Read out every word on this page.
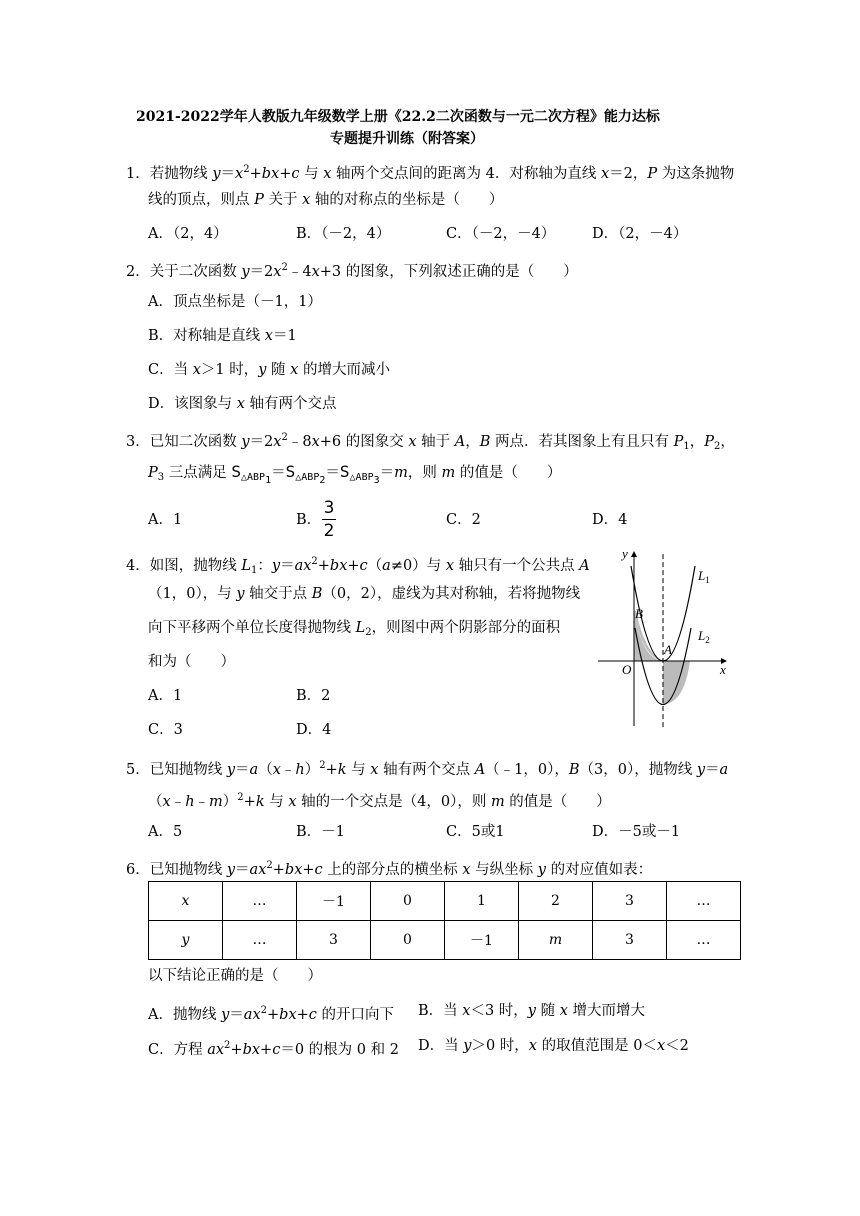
2021-2022学年人教版九年级数学上册《22.2二次函数与一元二次方程》能力达标
专题提升训练（附答案）
1．若抛物线 $y=x^2+bx+c$ 与 x 轴两个交点间的距离为 4．对称轴为直线 x＝2，P 为这条抛物
线的顶点，则点 P 关于 x 轴的对称点的坐标是（　　）
A．（2，4）	B．（－2，4）	C．（－2，－4）	D．（2，－4）
2．关于二次函数 $y=2x^2﹣4x+3$ 的图象，下列叙述正确的是（　　）
A．顶点坐标是（－1，1）
B．对称轴是直线 x＝1
C．当 x＞1 时，y 随 x 的增大而减小
D．该图象与 x 轴有两个交点
3．已知二次函数 $y=2x^2﹣8x+6$ 的图象交 x 轴于 A，B 两点．若其图象上有且只有 $P_1$，$P_2$，
$P_3$ 三点满足 $S_{\triangle ABP1}=S_{\triangle ABP2}=S_{\triangle ABP3}=m$，则 m 的值是（　　）
A．1	B．
3
2
C．2	D．4
4．如图，抛物线 $L_1$：$y=ax^2+bx+c(a\ne 0)$与 x 轴只有一个公共点 A
（1，0），与 y 轴交于点 B（0，2），虚线为其对称轴，若将抛物线
向下平移两个单位长度得抛物线 $L_2$，则图中两个阴影部分的面积
和为（　　）
A．1	B．2
C．3	D．4
y
x
O
A
B
$L_1$
$L_2$
5．已知抛物线 y＝a（x﹣h）$^2$+k 与 x 轴有两个交点 A（﹣1，0），B（3，0），抛物线 y＝a
（x﹣h﹣m）$^2$+k 与 x 轴的一个交点是（4，0），则 m 的值是（　　）
A．5	B．－1	C．5或1	D．－5或－1
6．已知抛物线 $y=ax^2+bx+c$ 上的部分点的横坐标 x 与纵坐标 y 的对应值如表：
x	…	－1	0	1	2	3	…
y	…	3	0	－1	m	3	…
以下结论正确的是（　　）
A．抛物线 $y=ax^2+bx+c$ 的开口向下 B．当 x＜3 时，y 随 x 增大而增大
C．方程 $ax^2+bx+c=0$ 的根为 0 和 2 D．当 y＞0 时，x 的取值范围是 0＜x＜2
